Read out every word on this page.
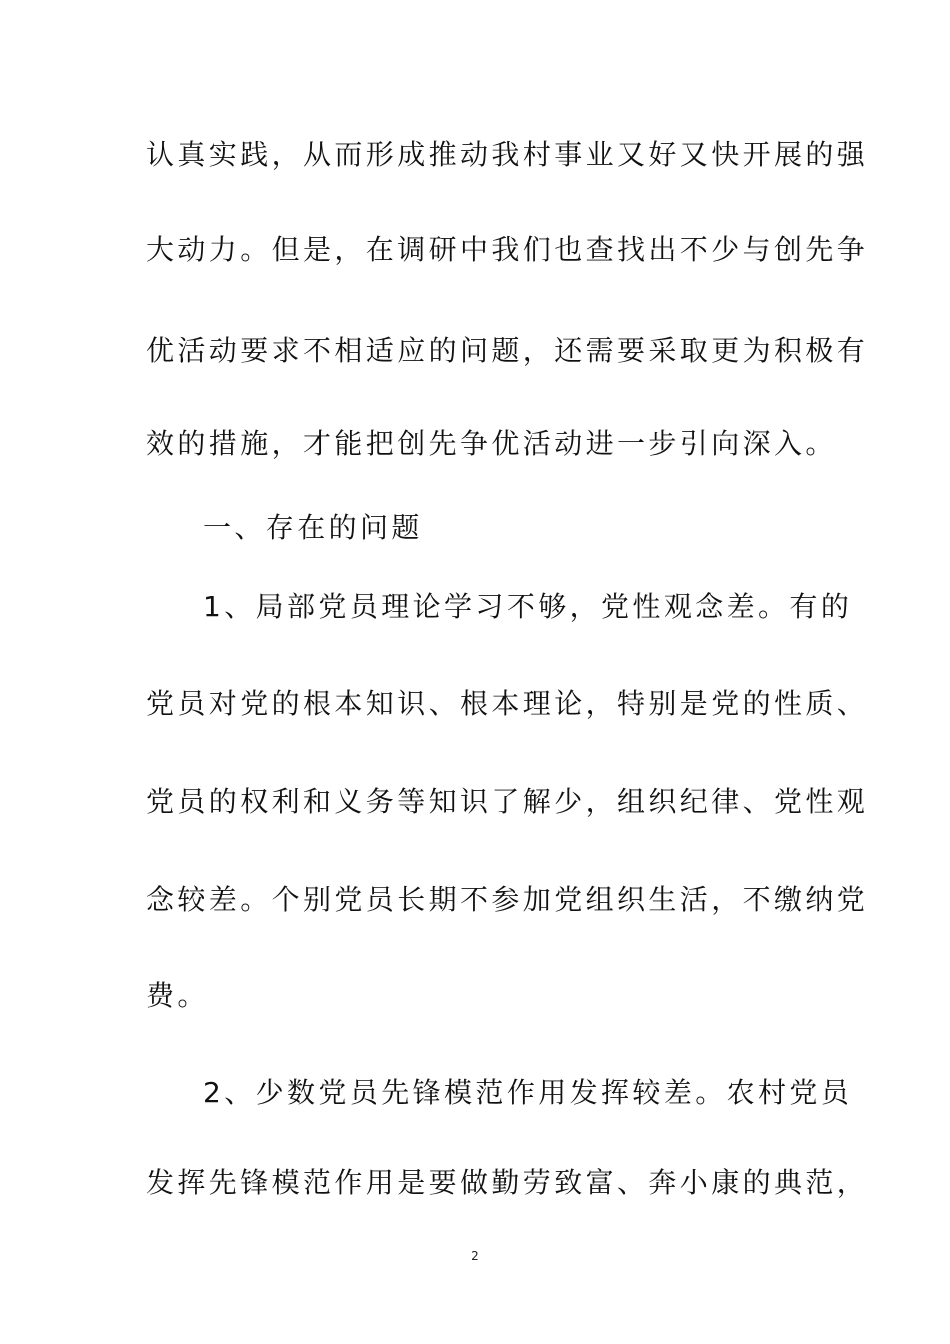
认真实践，从而形成推动我村事业又好又快开展的强
大动力。但是，在调研中我们也查找出不少与创先争
优活动要求不相适应的问题，还需要采取更为积极有
效的措施，才能把创先争优活动进一步引向深入。
一、存在的问题
1、局部党员理论学习不够，党性观念差。有的
党员对党的根本知识、根本理论，特别是党的性质、
党员的权利和义务等知识了解少，组织纪律、党性观
念较差。个别党员长期不参加党组织生活，不缴纳党
费。
2、少数党员先锋模范作用发挥较差。农村党员
发挥先锋模范作用是要做勤劳致富、奔小康的典范，
2
